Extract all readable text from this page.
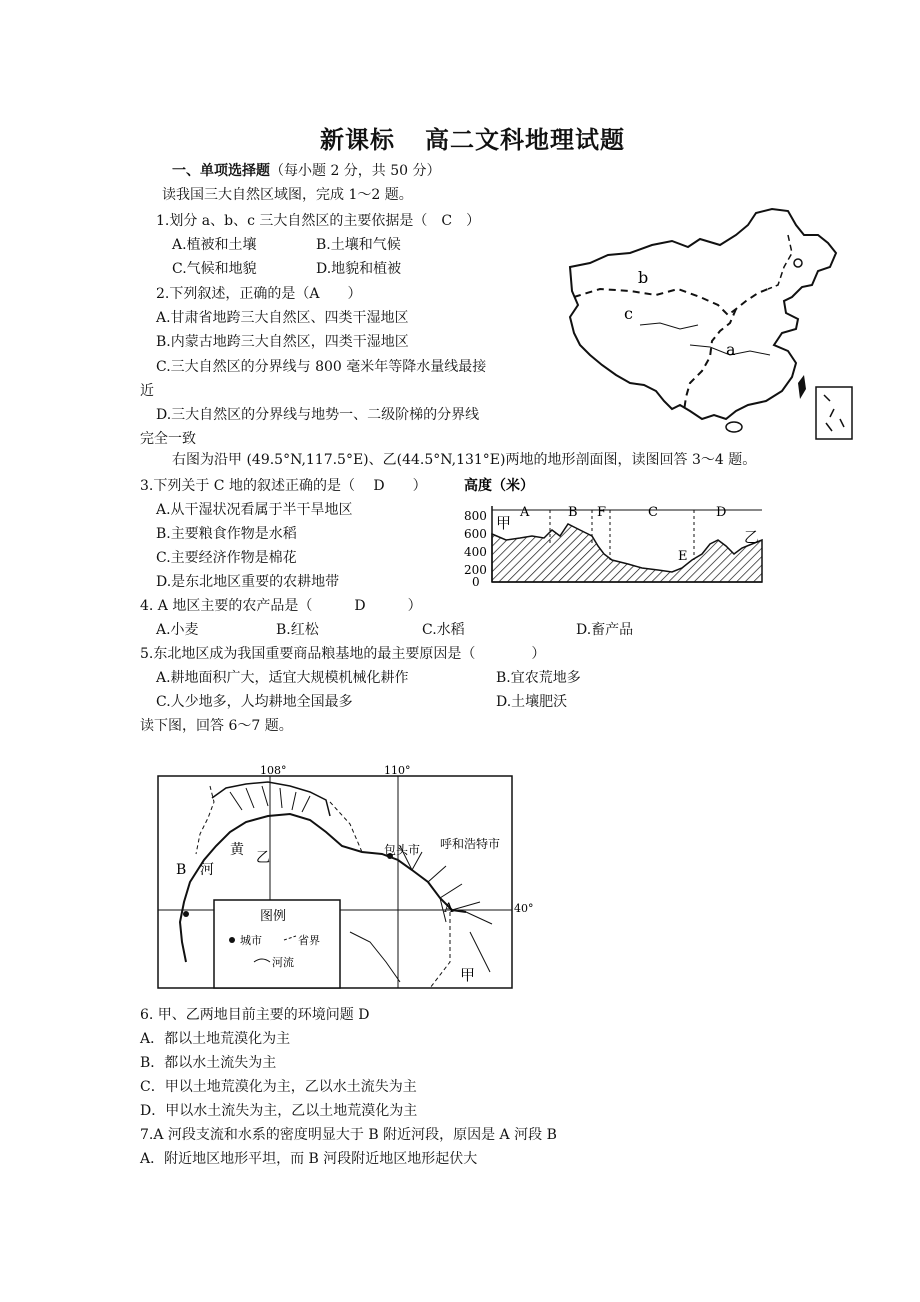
新课标 高二文科地理试题
一、单项选择题（每小题 2 分，共 50 分）
读我国三大自然区域图，完成 1～2 题。
1.划分 a、b、c 三大自然区的主要依据是（　C　）
A.植被和土壤	B.土壤和气候
C.气候和地貌	D.地貌和植被
2.下列叙述，正确的是（A　　）
A.甘肃省地跨三大自然区、四类干湿地区
B.内蒙古地跨三大自然区，四类干湿地区
C.三大自然区的分界线与 800 毫米年等降水量线最接
近
D.三大自然区的分界线与地势一、二级阶梯的分界线
完全一致
b
c
a
右图为沿甲 (49.5°N,117.5°E)、乙(44.5°N,131°E)两地的地形剖面图，读图回答 3～4 题。
3.下列关于 C 地的叙述正确的是（　 D　　）
A.从干湿状况看属于半干旱地区
B.主要粮食作物是水稻
C.主要经济作物是棉花
D.是东北地区重要的农耕地带
高度（米）
800
600
400
200
0
甲
乙
A	B F	C	D
E
4. A 地区主要的农产品是（　　　D　　　）
A.小麦	B.红松	C.水稻	D.畜产品
5.东北地区成为我国重要商品粮基地的最主要原因是（　　　　）
A.耕地面积广大，适宜大规模机械化耕作	B.宜农荒地多
C.人少地多，人均耕地全国最多	D.土壤肥沃
读下图，回答 6～7 题。
108°	110°
40°
黄
河
乙
B
A
包头市 呼和浩特市
图例
城市	省界
河流
甲
6. 甲、乙两地目前主要的环境问题 D
A．都以土地荒漠化为主
B．都以水土流失为主
C．甲以土地荒漠化为主，乙以水土流失为主
D．甲以水土流失为主，乙以土地荒漠化为主
7.A 河段支流和水系的密度明显大于 B 附近河段，原因是 A 河段 B
A．附近地区地形平坦，而 B 河段附近地区地形起伏大
